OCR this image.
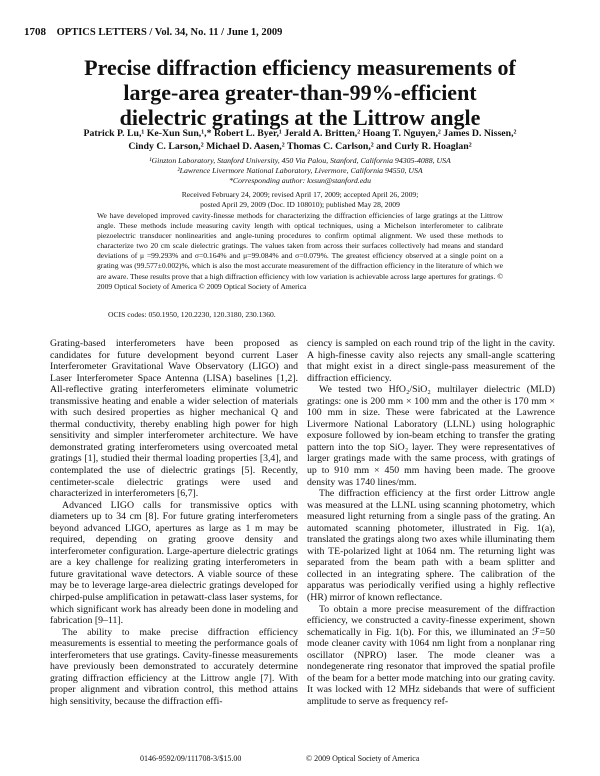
1708 OPTICS LETTERS / Vol. 34, No. 11 / June 1, 2009
Precise diffraction efficiency measurements of
large-area greater-than-99%-efficient
dielectric gratings at the Littrow angle
Patrick P. Lu,¹ Ke-Xun Sun,¹,* Robert L. Byer,¹ Jerald A. Britten,² Hoang T. Nguyen,² James D. Nissen,²
Cindy C. Larson,² Michael D. Aasen,² Thomas C. Carlson,² and Curly R. Hoaglan²
¹Ginzton Laboratory, Stanford University, 450 Via Palou, Stanford, California 94305-4088, USA
²Lawrence Livermore National Laboratory, Livermore, California 94550, USA
*Corresponding author: kxsun@stanford.edu
Received February 24, 2009; revised April 17, 2009; accepted April 26, 2009;
posted April 29, 2009 (Doc. ID 108010); published May 28, 2009
We have developed improved cavity-finesse methods for characterizing the diffraction efficiencies of large gratings at the Littrow angle. These methods include measuring cavity length with optical techniques, using a Michelson interferometer to calibrate piezoelectric transducer nonlinearities and angle-tuning procedures to confirm optimal alignment. We used these methods to characterize two 20 cm scale dielectric gratings. The values taken from across their surfaces collectively had means and standard deviations of μ =99.293% and σ=0.164% and μ=99.084% and σ=0.079%. The greatest efficiency observed at a single point on a grating was (99.577±0.002)%, which is also the most accurate measurement of the diffraction efficiency in the literature of which we are aware. These results prove that a high diffraction efficiency with low variation is achievable across large apertures for gratings. © 2009 Optical Society of America © 2009 Optical Society of America
OCIS codes: 050.1950, 120.2230, 120.3180, 230.1360.

Grating-based interferometers have been proposed as candidates for future development beyond current Laser Interferometer Gravitational Wave Observatory (LIGO) and Laser Interferometer Space Antenna (LISA) baselines [1,2]. All-reflective grating interferometers eliminate volumetric transmissive heating and enable a wider selection of materials with such desired properties as higher mechanical Q and thermal conductivity, thereby enabling high power for high sensitivity and simpler interferometer architecture. We have demonstrated grating interferometers using overcoated metal gratings [1], studied their thermal loading properties [3,4], and contemplated the use of dielectric gratings [5]. Recently, centimeter-scale dielectric gratings were used and characterized in interferometers [6,7].

Advanced LIGO calls for transmissive optics with diameters up to 34 cm [8]. For future grating interferometers beyond advanced LIGO, apertures as large as 1 m may be required, depending on grating groove density and interferometer configuration. Large-aperture dielectric gratings are a key challenge for realizing grating interferometers in future gravitational wave detectors. A viable source of these may be to leverage large-area dielectric gratings developed for chirped-pulse amplification in petawatt-class laser systems, for which significant work has already been done in modeling and fabrication [9–11].

The ability to make precise diffraction efficiency measurements is essential to meeting the performance goals of interferometers that use gratings. Cavity-finesse measurements have previously been demonstrated to accurately determine grating diffraction efficiency at the Littrow angle [7]. With proper alignment and vibration control, this method attains high sensitivity, because the diffraction effi-

ciency is sampled on each round trip of the light in the cavity. A high-finesse cavity also rejects any small-angle scattering that might exist in a direct single-pass measurement of the diffraction efficiency.

We tested two HfO₂/SiO₂ multilayer dielectric (MLD) gratings: one is 200 mm × 100 mm and the other is 170 mm × 100 mm in size. These were fabricated at the Lawrence Livermore National Laboratory (LLNL) using holographic exposure followed by ion-beam etching to transfer the grating pattern into the top SiO₂ layer. They were representatives of larger gratings made with the same process, with gratings of up to 910 mm × 450 mm having been made. The groove density was 1740 lines/mm.

The diffraction efficiency at the first order Littrow angle was measured at the LLNL using scanning photometry, which measured light returning from a single pass of the grating. An automated scanning photometer, illustrated in Fig. 1(a), translated the gratings along two axes while illuminating them with TE-polarized light at 1064 nm. The returning light was separated from the beam path with a beam splitter and collected in an integrating sphere. The calibration of the apparatus was periodically verified using a highly reflective (HR) mirror of known reflectance.

To obtain a more precise measurement of the diffraction efficiency, we constructed a cavity-finesse experiment, shown schematically in Fig. 1(b). For this, we illuminated an ℱ=50 mode cleaner cavity with 1064 nm light from a nonplanar ring oscillator (NPRO) laser. The mode cleaner was a nondegenerate ring resonator that improved the spatial profile of the beam for a better mode matching into our grating cavity. It was locked with 12 MHz sidebands that were of sufficient amplitude to serve as frequency ref-

0146-9592/09/111708-3/$15.00	© 2009 Optical Society of America
